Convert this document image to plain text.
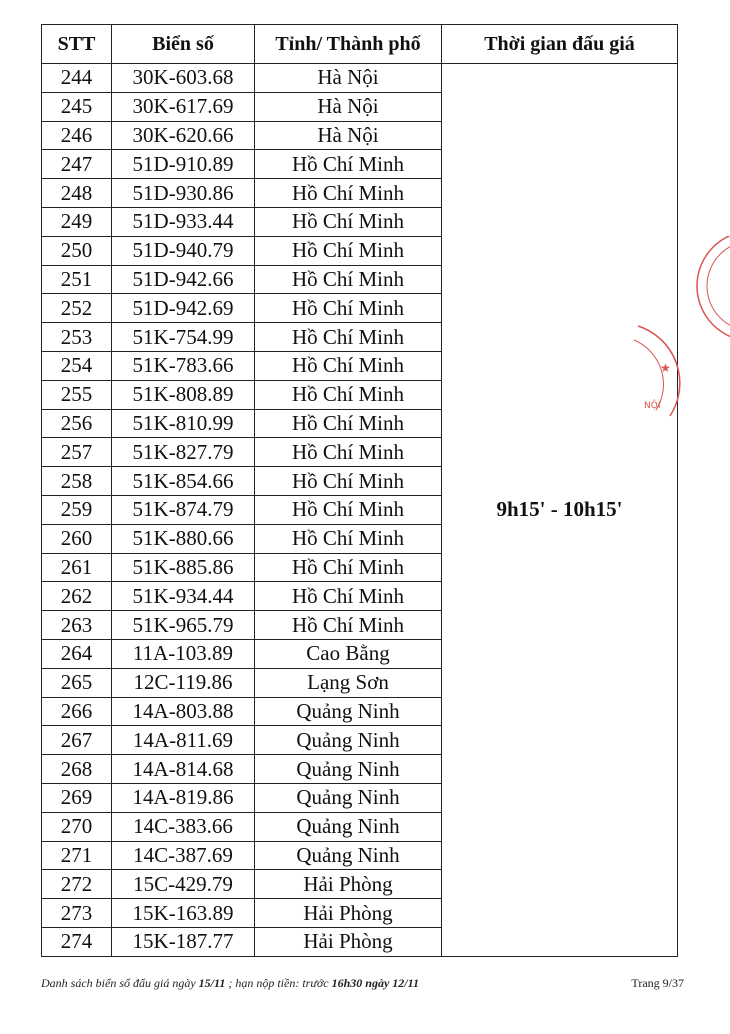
STT	Biển số	Tỉnh/ Thành phố	Thời gian đấu giá
244	30K-603.68	Hà Nội	9h15' - 10h15'
245	30K-617.69	Hà Nội	
246	30K-620.66	Hà Nội	
247	51D-910.89	Hồ Chí Minh	
248	51D-930.86	Hồ Chí Minh	
249	51D-933.44	Hồ Chí Minh	
250	51D-940.79	Hồ Chí Minh	
251	51D-942.66	Hồ Chí Minh	
252	51D-942.69	Hồ Chí Minh	
253	51K-754.99	Hồ Chí Minh	
254	51K-783.66	Hồ Chí Minh	
255	51K-808.89	Hồ Chí Minh	
256	51K-810.99	Hồ Chí Minh	
257	51K-827.79	Hồ Chí Minh	
258	51K-854.66	Hồ Chí Minh	
259	51K-874.79	Hồ Chí Minh	
260	51K-880.66	Hồ Chí Minh	
261	51K-885.86	Hồ Chí Minh	
262	51K-934.44	Hồ Chí Minh	
263	51K-965.79	Hồ Chí Minh	
264	11A-103.89	Cao Bằng	
265	12C-119.86	Lạng Sơn	
266	14A-803.88	Quảng Ninh	
267	14A-811.69	Quảng Ninh	
268	14A-814.68	Quảng Ninh	
269	14A-819.86	Quảng Ninh	
270	14C-383.66	Quảng Ninh	
271	14C-387.69	Quảng Ninh	
272	15C-429.79	Hải Phòng	
273	15K-163.89	Hải Phòng	
274	15K-187.77	Hải Phòng	
Danh sách biển số đấu giá ngày 15/11 ; hạn nộp tiền: trước 16h30 ngày 12/11	Trang 9/37
★
NỘI
